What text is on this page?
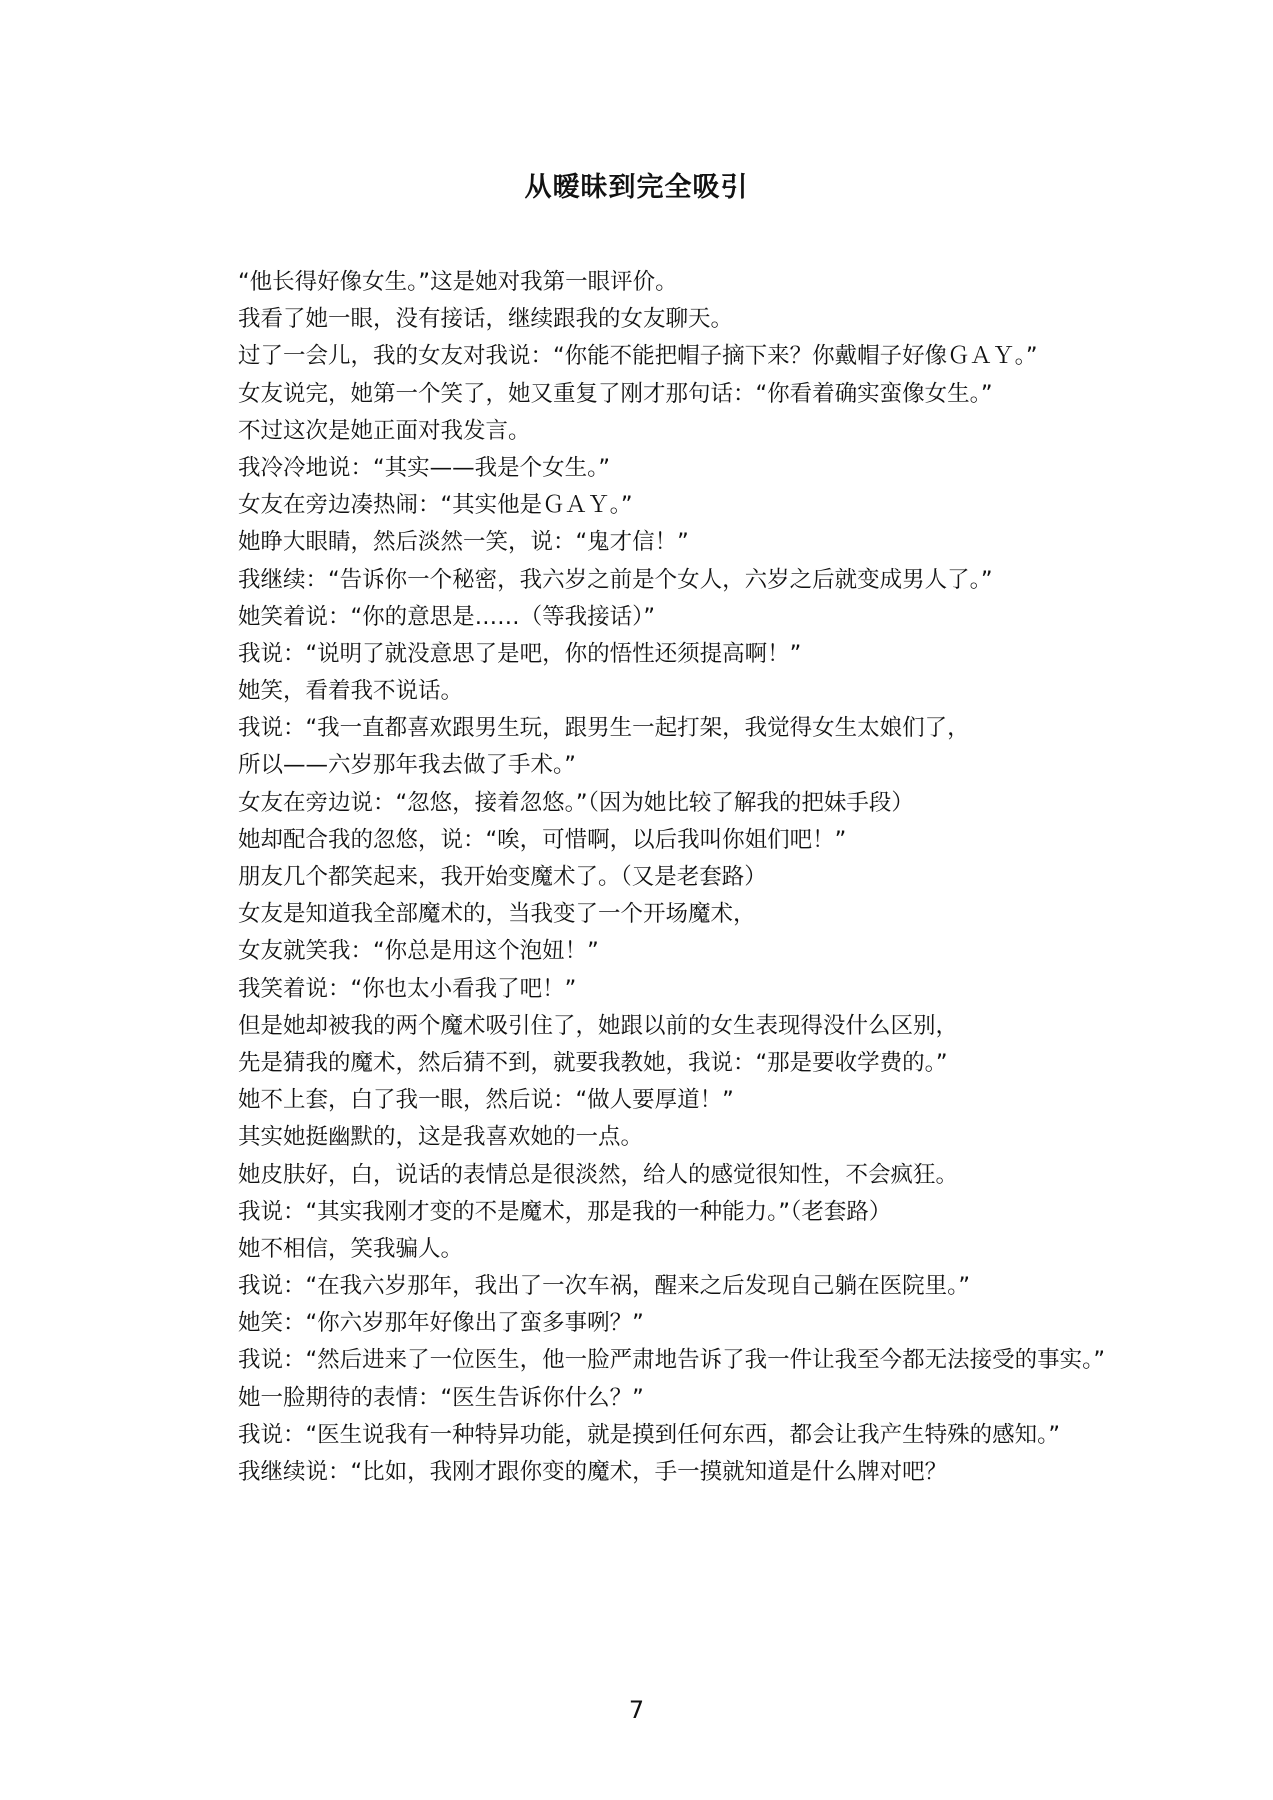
从暧昧到完全吸引
“他长得好像女生。”这是她对我第一眼评价。
我看了她一眼，没有接话，继续跟我的女友聊天。
过了一会儿，我的女友对我说：“你能不能把帽子摘下来？你戴帽子好像ＧＡＹ。”
女友说完，她第一个笑了，她又重复了刚才那句话：“你看着确实蛮像女生。”
不过这次是她正面对我发言。
我冷冷地说：“其实——我是个女生。”
女友在旁边凑热闹：“其实他是ＧＡＹ。”
她睁大眼睛，然后淡然一笑，说：“鬼才信！”
我继续：“告诉你一个秘密，我六岁之前是个女人，六岁之后就变成男人了。”
她笑着说：“你的意思是……（等我接话）”
我说：“说明了就没意思了是吧，你的悟性还须提高啊！”
她笑，看着我不说话。
我说：“我一直都喜欢跟男生玩，跟男生一起打架，我觉得女生太娘们了，
所以——六岁那年我去做了手术。”
女友在旁边说：“忽悠，接着忽悠。”（因为她比较了解我的把妹手段）
她却配合我的忽悠，说：“唉，可惜啊，以后我叫你姐们吧！”
朋友几个都笑起来，我开始变魔术了。（又是老套路）
女友是知道我全部魔术的，当我变了一个开场魔术，
女友就笑我：“你总是用这个泡妞！”
我笑着说：“你也太小看我了吧！”
但是她却被我的两个魔术吸引住了，她跟以前的女生表现得没什么区别，
先是猜我的魔术，然后猜不到，就要我教她，我说：“那是要收学费的。”
她不上套，白了我一眼，然后说：“做人要厚道！”
其实她挺幽默的，这是我喜欢她的一点。
她皮肤好，白，说话的表情总是很淡然，给人的感觉很知性，不会疯狂。
我说：“其实我刚才变的不是魔术，那是我的一种能力。”（老套路）
她不相信，笑我骗人。
我说：“在我六岁那年，我出了一次车祸，醒来之后发现自己躺在医院里。”
她笑：“你六岁那年好像出了蛮多事咧？”
我说：“然后进来了一位医生，他一脸严肃地告诉了我一件让我至今都无法接受的事实。”
她一脸期待的表情：“医生告诉你什么？”
我说：“医生说我有一种特异功能，就是摸到任何东西，都会让我产生特殊的感知。”
我继续说：“比如，我刚才跟你变的魔术，手一摸就知道是什么牌对吧？
7
